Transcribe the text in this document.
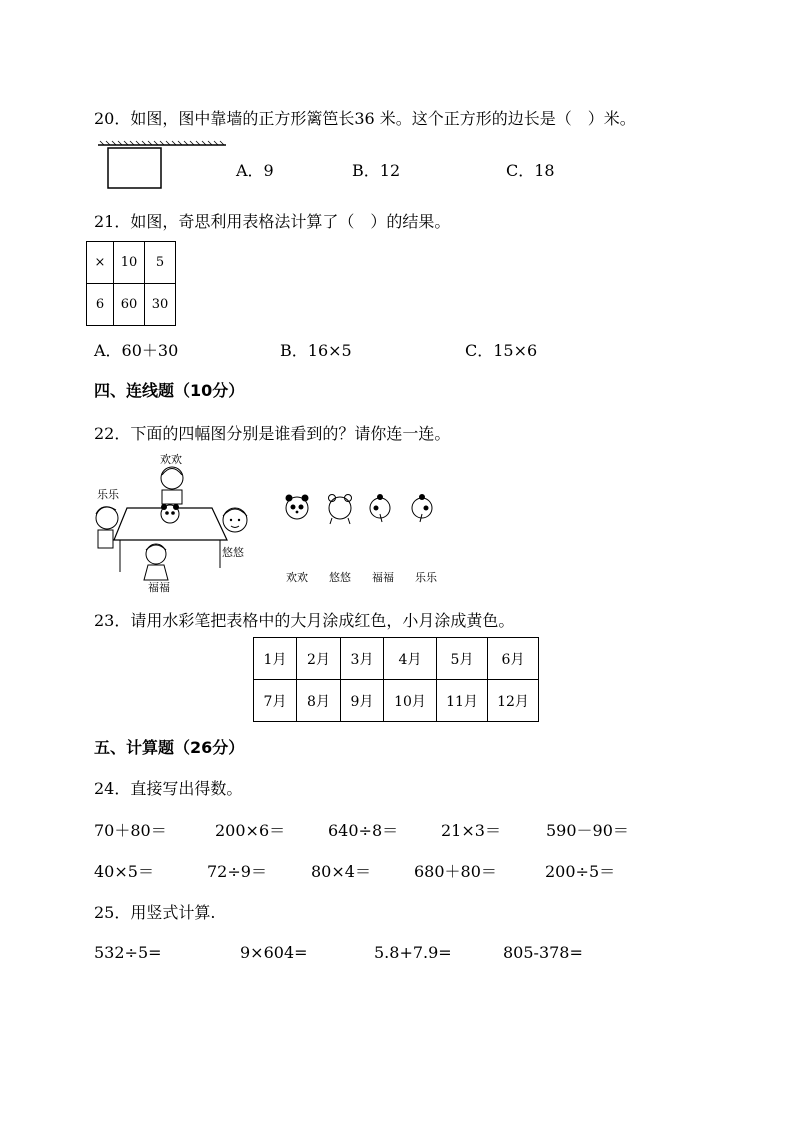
20．如图，图中靠墙的正方形篱笆长36 米。这个正方形的边长是（　）米。
A．9	B．12	C．18
21．如图，奇思利用表格法计算了（　）的结果。
×	10	5
6	60	30
A．60＋30	B．16×5	C．15×6
四、连线题（10分）
22．下面的四幅图分别是谁看到的？请你连一连。
欢欢
乐乐
悠悠
福福
欢欢 悠悠 福福 乐乐
23．请用水彩笔把表格中的大月涂成红色，小月涂成黄色。
1月	2月	3月	4月	5月	6月
7月	8月	9月	10月	11月	12月
五、计算题（26分）
24．直接写出得数。
70＋80＝	200×6＝	640÷8＝	21×3＝	590－90＝
40×5＝	72÷9＝	80×4＝	680＋80＝	200÷5＝
25．用竖式计算.
532÷5=	9×604=	5.8+7.9=	805-378=
